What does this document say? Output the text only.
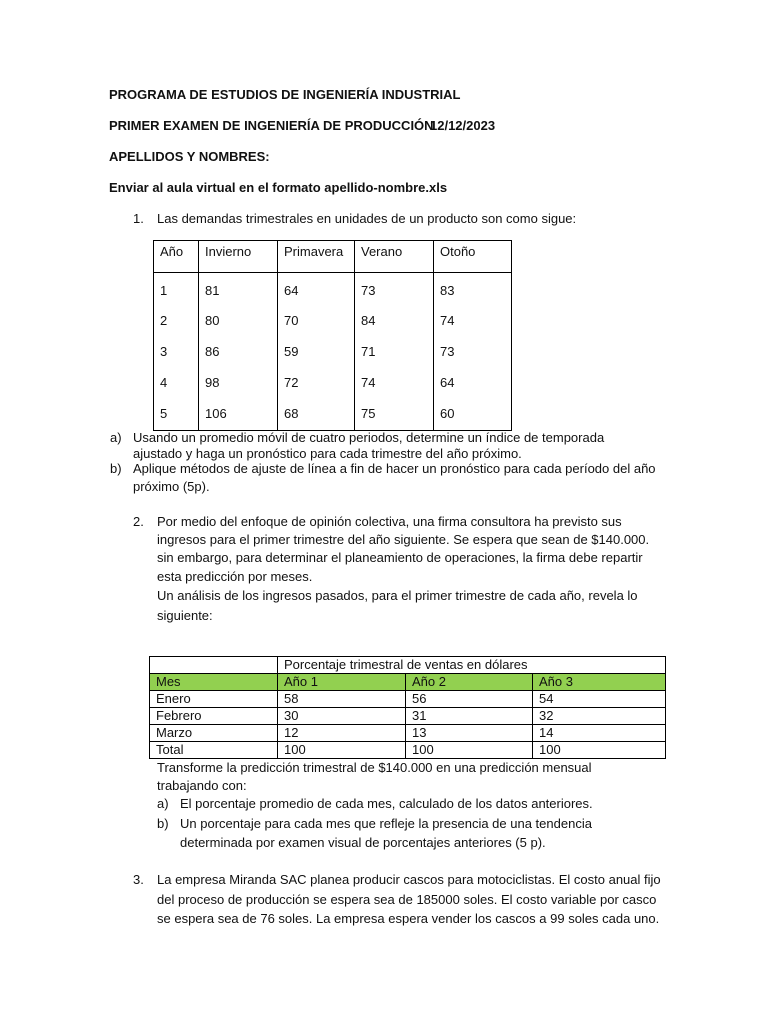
PROGRAMA DE ESTUDIOS DE INGENIERÍA INDUSTRIAL
PRIMER EXAMEN DE INGENIERÍA DE PRODUCCIÓN
12/12/2023
APELLIDOS Y NOMBRES:
Enviar al aula virtual en el formato apellido-nombre.xls
1. Las demandas trimestrales en unidades de un producto son como sigue:
Año	Invierno	Primavera	Verano	Otoño
1	81	64	73	83
2	80	70	84	74
3	86	59	71	73
4	98	72	74	64
5	106	68	75	60
a) Usando un promedio móvil de cuatro periodos, determine un índice de temporada
ajustado y haga un pronóstico para cada trimestre del año próximo.
b) Aplique métodos de ajuste de línea a fin de hacer un pronóstico para cada período del año
próximo (5p).
2. Por medio del enfoque de opinión colectiva, una firma consultora ha previsto sus
ingresos para el primer trimestre del año siguiente. Se espera que sean de $140.000.
sin embargo, para determinar el planeamiento de operaciones, la firma debe repartir
esta predicción por meses.
Un análisis de los ingresos pasados, para el primer trimestre de cada año, revela lo
siguiente:
	Porcentaje trimestral de ventas en dólares		
Mes	Año 1	Año 2	Año 3
Enero	58	56	54
Febrero	30	31	32
Marzo	12	13	14
Total	100	100	100
Transforme la predicción trimestral de $140.000 en una predicción mensual
trabajando con:
a) El porcentaje promedio de cada mes, calculado de los datos anteriores.
b) Un porcentaje para cada mes que refleje la presencia de una tendencia
determinada por examen visual de porcentajes anteriores (5 p).
3. La empresa Miranda SAC planea producir cascos para motociclistas. El costo anual fijo
del proceso de producción se espera sea de 185000 soles. El costo variable por casco
se espera sea de 76 soles. La empresa espera vender los cascos a 99 soles cada uno.
